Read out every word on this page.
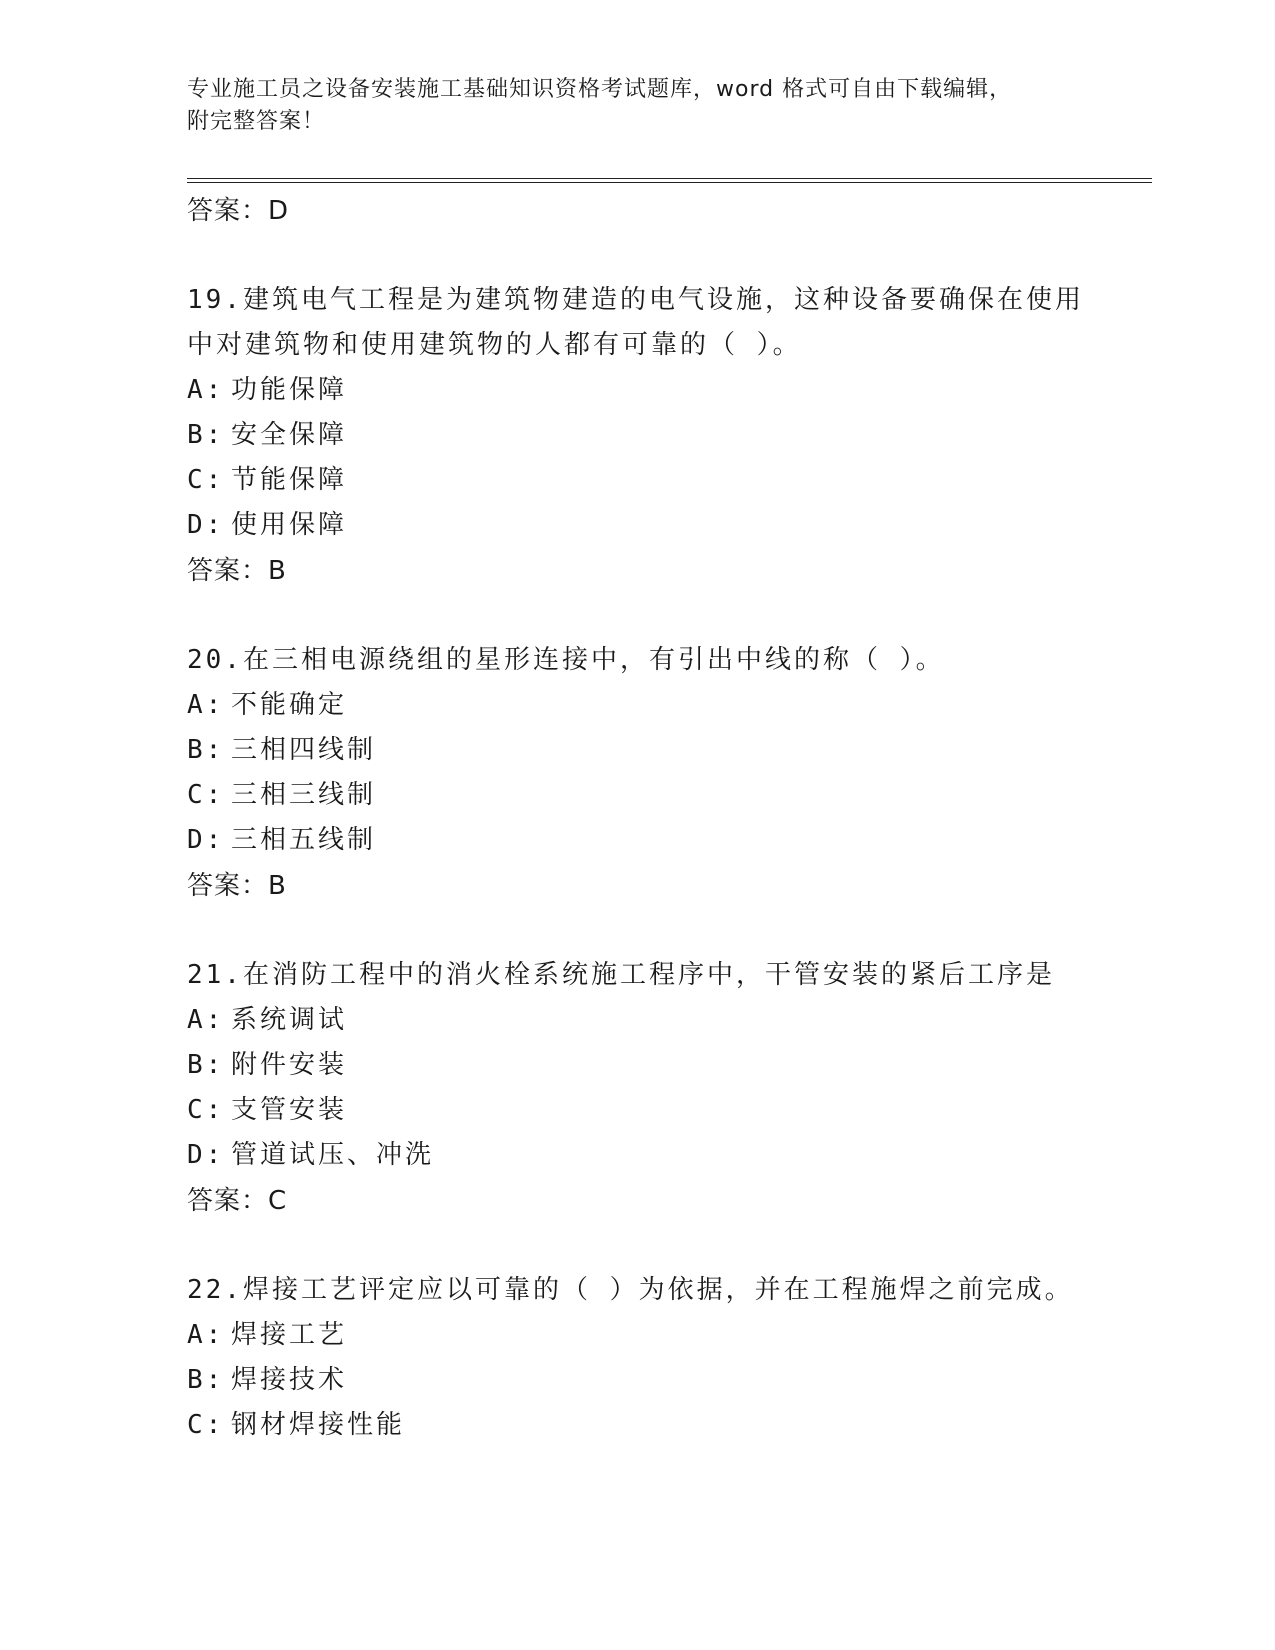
专业施工员之设备安装施工基础知识资格考试题库，word 格式可自由下载编辑，
附完整答案！
答案：D
19.建筑电气工程是为建筑物建造的电气设施，这种设备要确保在使用
中对建筑物和使用建筑物的人都有可靠的（ ）。
A: 功能保障
B: 安全保障
C: 节能保障
D: 使用保障
答案：B
20.在三相电源绕组的星形连接中，有引出中线的称（ ）。
A: 不能确定
B: 三相四线制
C: 三相三线制
D: 三相五线制
答案：B
21.在消防工程中的消火栓系统施工程序中，干管安装的紧后工序是
A: 系统调试
B: 附件安装
C: 支管安装
D: 管道试压、冲洗
答案：C
22.焊接工艺评定应以可靠的（ ）为依据，并在工程施焊之前完成。
A: 焊接工艺
B: 焊接技术
C: 钢材焊接性能
